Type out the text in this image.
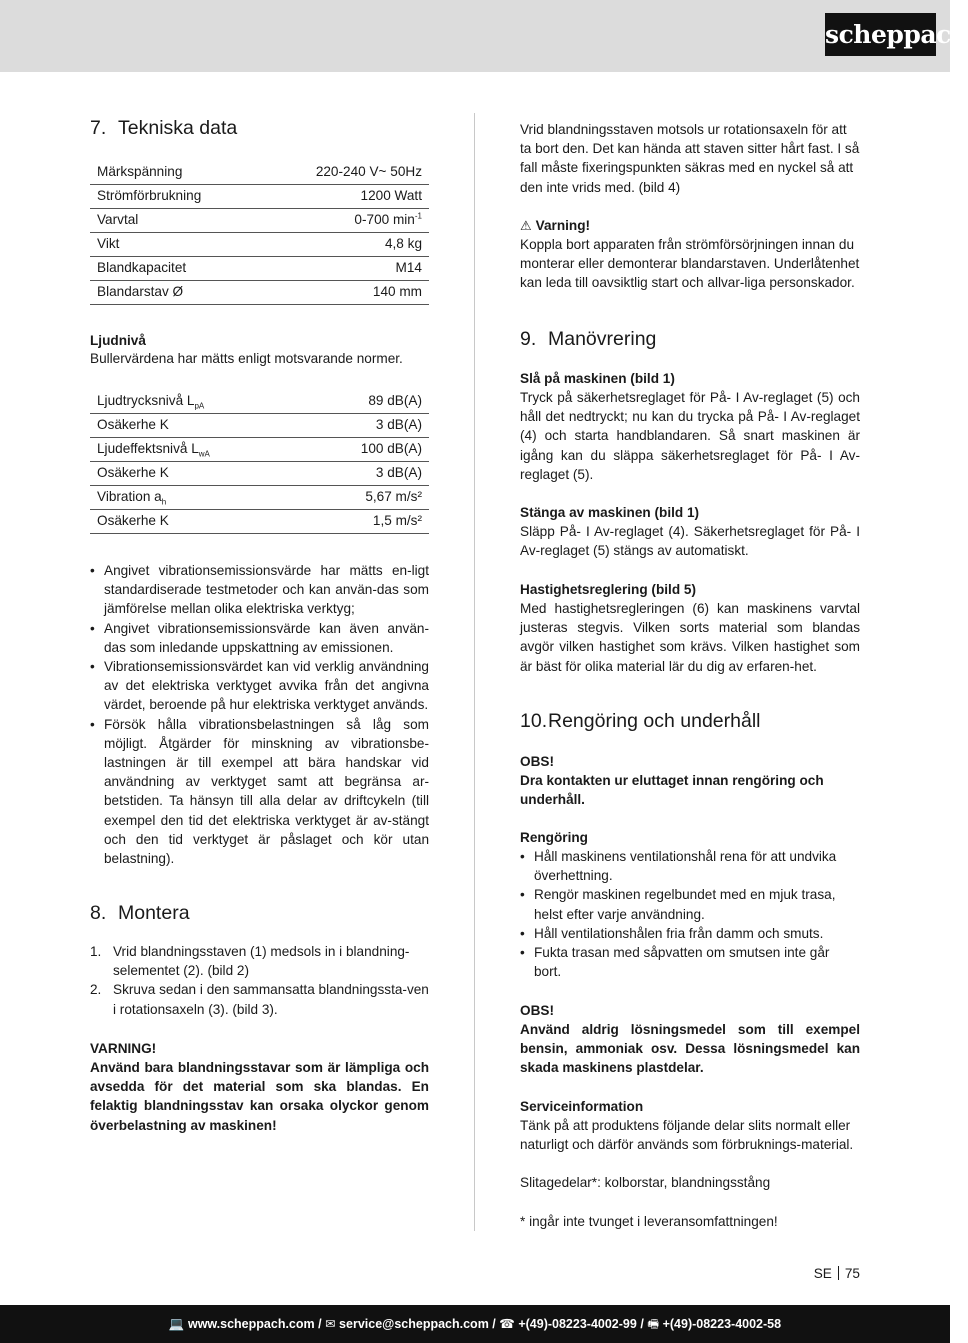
scheppach
7. Tekniska data
Märkspänning	220-240 V~ 50Hz
Strömförbrukning	1200 Watt
Varvtal	0-700 $\min^{-1}$
Vikt	4,8 kg
Blandkapacitet	M14
Blandarstav Ø	140 mm

Ljudnivå

Bullervärdena har mätts enligt motsvarande normer.

Ljudtrycksnivå $L_{pA}$	89 dB(A)
Osäkerhe K	3 dB(A)
Ljudeffektsnivå $L_{wA}$	100 dB(A)
Osäkerhe K	3 dB(A)
Vibration $a_h$	5,67 m/s²
Osäkerhe K	1,5 m/s²
• Angivet vibrationsemissionsvärde har mätts en-ligt standardiserade testmetoder och kan använ-das som jämförelse mellan olika elektriska verktyg;
• Angivet vibrationsemissionsvärde kan även använ-das som inledande uppskattning av emissionen.
• Vibrationsemissionsvärdet kan vid verklig användning av det elektriska verktyget avvika från det angivna värdet, beroende på hur elektriska verktyget används.
• Försök hålla vibrationsbelastningen så låg som möjligt. Åtgärder för minskning av vibrationsbe-lastningen är till exempel att bära handskar vid användning av verktyget samt att begränsa ar-betstiden. Ta hänsyn till alla delar av driftcykeln (till exempel den tid det elektriska verktyget är av-stängt och den tid verktyget är påslaget och kör utan belastning).
8. Montera
1. Vrid blandningsstaven (1) medsols in i blandning-selementet (2). (bild 2)
2. Skruva sedan i den sammansatta blandningssta-ven i rotationsaxeln (3). (bild 3).

VARNING!

Använd bara blandningsstavar som är lämpliga och avsedda för det material som ska blandas. En felaktig blandningsstav kan orsaka olyckor genom överbelastning av maskinen!

Vrid blandningsstaven motsols ur rotationsaxeln för att ta bort den. Det kan hända att staven sitter hårt fast. I så fall måste fixeringspunkten säkras med en nyckel så att den inte vrids med. (bild 4)

⚠ Varning!

Koppla bort apparaten från strömförsörjningen innan du monterar eller demonterar blandarstaven. Underlåtenhet kan leda till oavsiktlig start och allvar-liga personskador.

9. Manövrering

Slå på maskinen (bild 1)

Tryck på säkerhetsreglaget för På- I Av-reglaget (5) och håll det nedtryckt; nu kan du trycka på På- I Av-reglaget (4) och starta handblandaren. Så snart maskinen är igång kan du släppa säkerhetsreglaget för På- I Av-reglaget (5).

Stänga av maskinen (bild 1)

Släpp På- I Av-reglaget (4). Säkerhetsreglaget för På- I Av-reglaget (5) stängs av automatiskt.

Hastighetsreglering (bild 5)

Med hastighetsregleringen (6) kan maskinens varvtal justeras stegvis. Vilken sorts material som blandas avgör vilken hastighet som krävs. Vilken hastighet som är bäst för olika material lär du dig av erfaren-het.

10.Rengöring och underhåll

OBS!

Dra kontakten ur eluttaget innan rengöring och underhåll.

Rengöring

• Håll maskinens ventilationshål rena för att undvika överhettning.
• Rengör maskinen regelbundet med en mjuk trasa, helst efter varje användning.
• Håll ventilationshålen fria från damm och smuts.
• Fukta trasan med såpvatten om smutsen inte går bort.

OBS!

Använd aldrig lösningsmedel som till exempel bensin, ammoniak osv. Dessa lösningsmedel kan skada maskinens plastdelar.

Serviceinformation

Tänk på att produktens följande delar slits normalt eller naturligt och därför används som förbruknings-material.

Slitagedelar*: kolborstar, blandningsstång

* ingår inte tvunget i leveransomfattningen!

SE 75
💻 www.scheppach.com / ✉ service@scheppach.com / ☎ +(49)-08223-4002-99 / 🖷 +(49)-08223-4002-58
